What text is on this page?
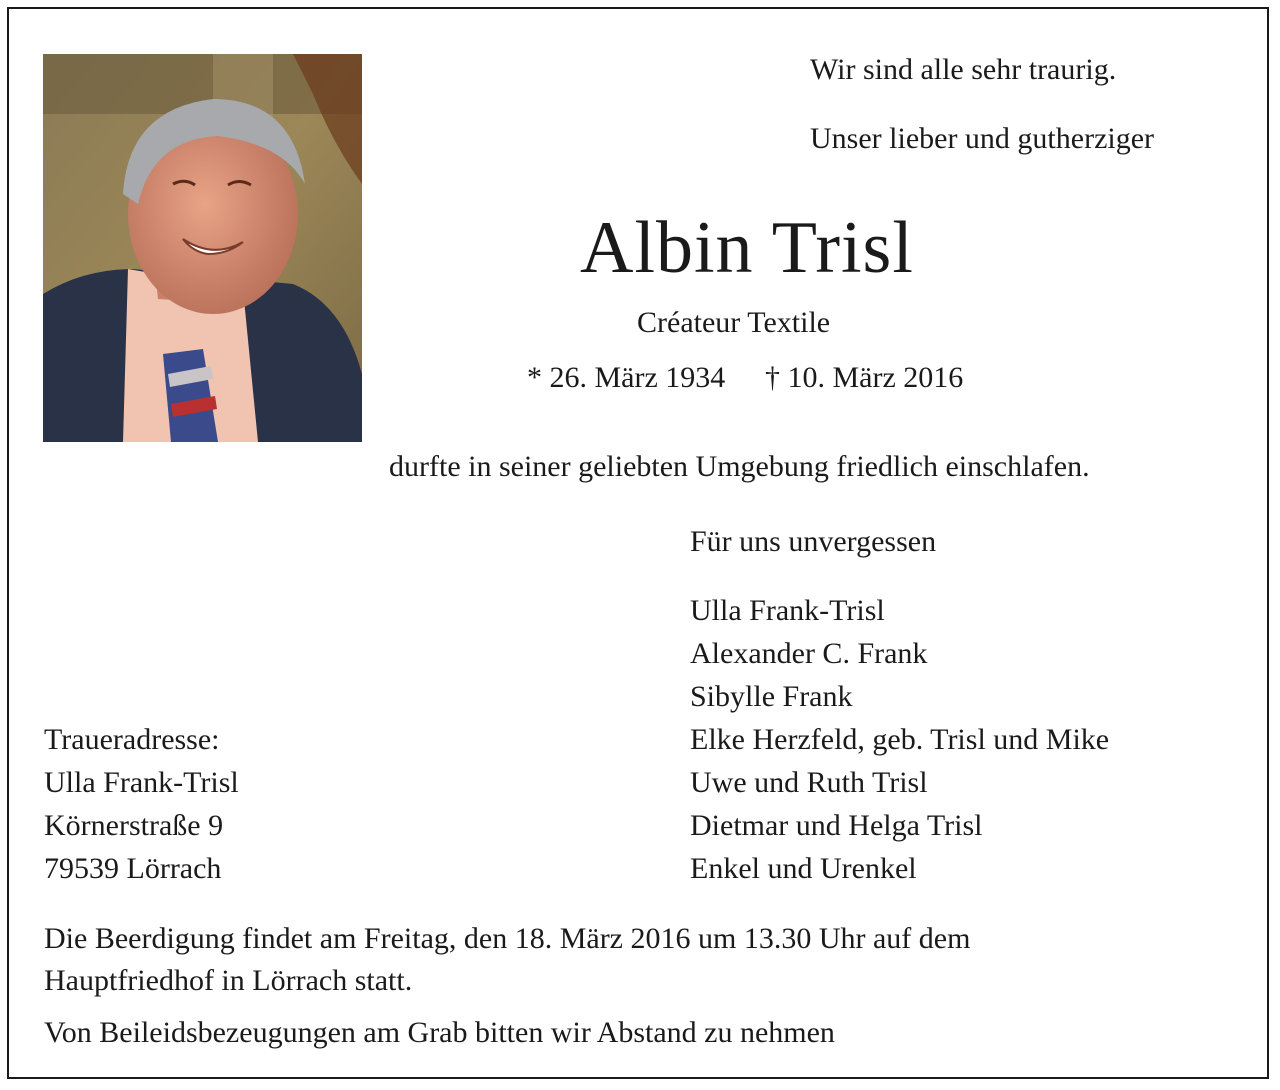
Wir sind alle sehr traurig.
Unser lieber und gutherziger
Albin Trisl
Créateur Textile
* 26. März 1934 † 10. März 2016
durfte in seiner geliebten Umgebung friedlich einschlafen.
Für uns unvergessen
Ulla Frank-Trisl
Alexander C. Frank
Sibylle Frank
Elke Herzfeld, geb. Trisl und Mike
Uwe und Ruth Trisl
Dietmar und Helga Trisl
Enkel und Urenkel
Traueradresse:
Ulla Frank-Trisl
Körnerstraße 9
79539 Lörrach
Die Beerdigung findet am Freitag, den 18. März 2016 um 13.30 Uhr auf dem
Hauptfriedhof in Lörrach statt.
Von Beileidsbezeugungen am Grab bitten wir Abstand zu nehmen
